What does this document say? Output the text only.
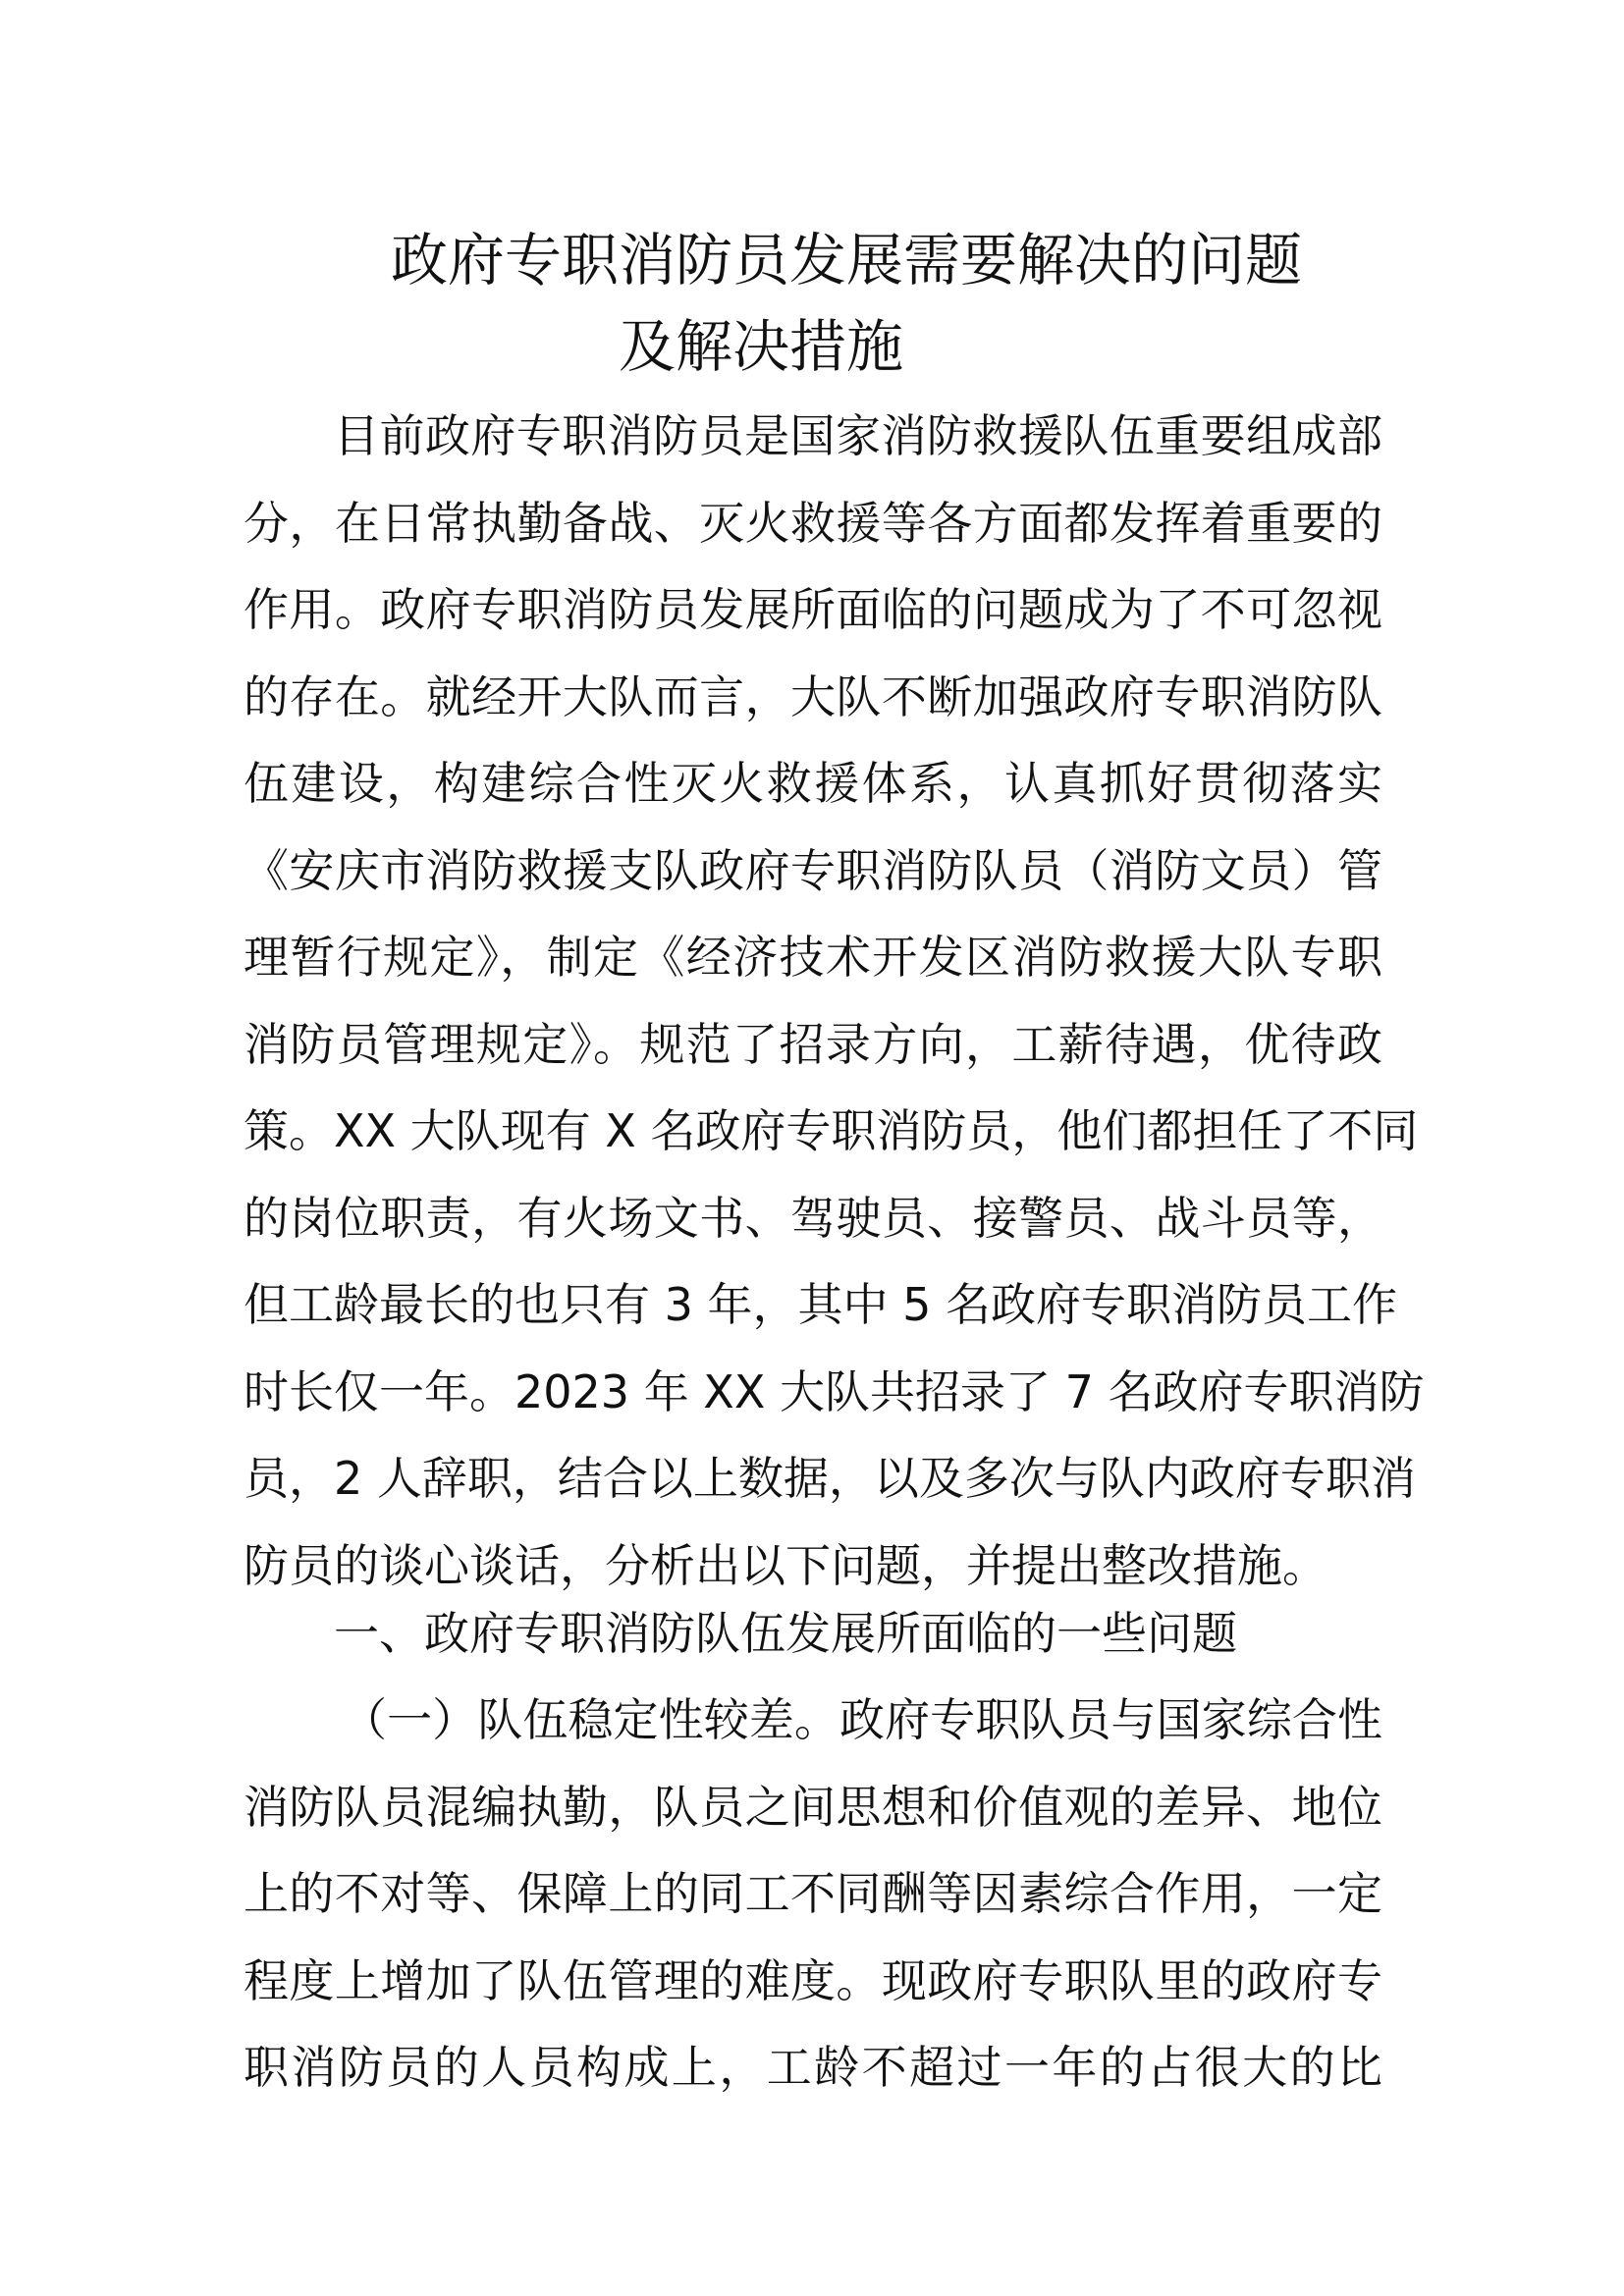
政府专职消防员发展需要解决的问题
及解决措施
目前政府专职消防员是国家消防救援队伍重要组成部
分，在日常执勤备战、灭火救援等各方面都发挥着重要的
作用。政府专职消防员发展所面临的问题成为了不可忽视
的存在。就经开大队而言，大队不断加强政府专职消防队
伍建设，构建综合性灭火救援体系，认真抓好贯彻落实
《安庆市消防救援支队政府专职消防队员（消防文员）管
理暂行规定》，制定《经济技术开发区消防救援大队专职
消防员管理规定》。规范了招录方向，工薪待遇，优待政
策。XX 大队现有 X 名政府专职消防员，他们都担任了不同
的岗位职责，有火场文书、驾驶员、接警员、战斗员等，
但工龄最长的也只有 3 年，其中 5 名政府专职消防员工作
时长仅一年。2023 年 XX 大队共招录了 7 名政府专职消防
员，2 人辞职，结合以上数据，以及多次与队内政府专职消
防员的谈心谈话，分析出以下问题，并提出整改措施。
一、政府专职消防队伍发展所面临的一些问题
（一）队伍稳定性较差。政府专职队员与国家综合性
消防队员混编执勤，队员之间思想和价值观的差异、地位
上的不对等、保障上的同工不同酬等因素综合作用，一定
程度上增加了队伍管理的难度。现政府专职队里的政府专
职消防员的人员构成上，工龄不超过一年的占很大的比
